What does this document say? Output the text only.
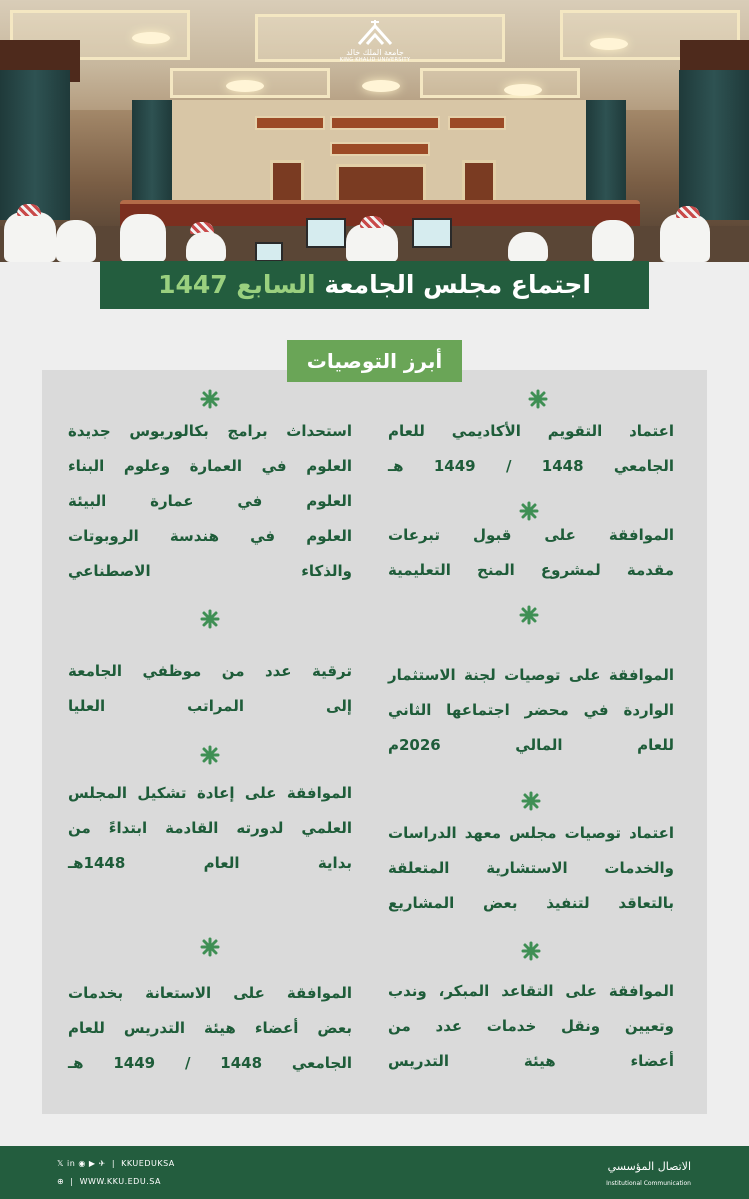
جامعة الملك خالد
KING KHALID UNIVERSITY
اجتماع مجلس الجامعة السابع 1447
أبرز التوصيات
اعتماد التقويم الأكاديمي للعام
الجامعي 1448 / 1449 هـ
الموافقة على قبول تبرعات
مقدمة لمشروع المنح التعليمية
الموافقة على توصيات لجنة الاستثمار
الواردة في محضر اجتماعها الثاني
للعام المالي 2026م
اعتماد توصيات مجلس معهد الدراسات
والخدمات الاستشارية المتعلقة
بالتعاقد لتنفيذ بعض المشاريع
الموافقة على التقاعد المبكر، وندب
وتعيين ونقل خدمات عدد من
أعضاء هيئة التدريس
استحداث برامج بكالوريوس جديدة
العلوم في العمارة وعلوم البناء
العلوم في عمارة البيئة
العلوم في هندسة الروبوتات
والذكاء الاصطناعي
ترقية عدد من موظفي الجامعة
إلى المراتب العليا
الموافقة على إعادة تشكيل المجلس
العلمي لدورته القادمة ابتداءً من
بداية العام 1448هـ
الموافقة على الاستعانة بخدمات
بعض أعضاء هيئة التدريس للعام
الجامعي 1448 / 1449 هـ
𝕏 in ◉ ▶ ✈  |  KKUEDUKSA
⊕  |  WWW.KKU.EDU.SA
الاتصال المؤسسي
Institutional Communication
